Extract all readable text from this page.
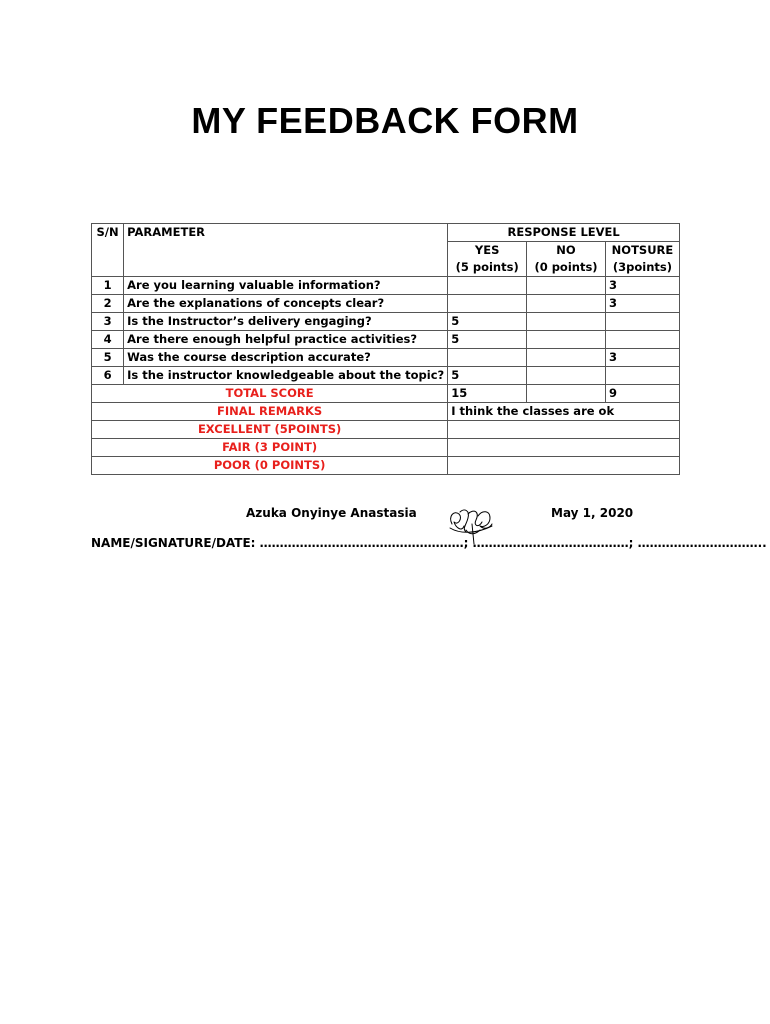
MY FEEDBACK FORM
S/N	PARAMETER	RESPONSE LEVEL		
		YES	NO	NOTSURE
		(5 points)	(0 points)	(3points)
1	Are you learning valuable information?			3
2	Are the explanations of concepts clear?			3
3	Is the Instructor’s delivery engaging?	5		
4	Are there enough helpful practice activities?	5		
5	Was the course description accurate?			3
6	Is the instructor knowledgeable about the topic?	5		
TOTAL SCORE		15		9
FINAL REMARKS		I think the classes are ok		
EXCELLENT (5POINTS)				
FAIR (3 POINT)				
POOR (0 POINTS)				
Azuka Onyinye Anastasia	May 1, 2020
NAME/SIGNATURE/DATE: ……………………………………………; …………………………………; …………………………..
